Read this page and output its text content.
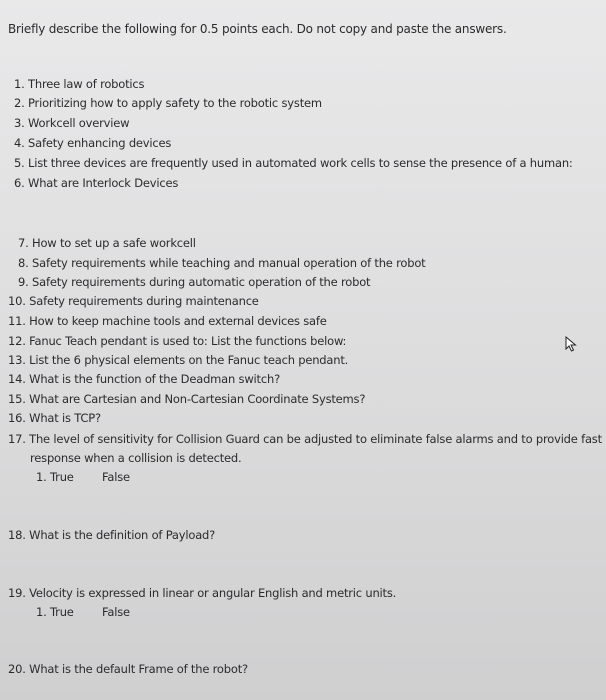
Briefly describe the following for 0.5 points each. Do not copy and paste the answers.
1. Three law of robotics
2. Prioritizing how to apply safety to the robotic system
3. Workcell overview
4. Safety enhancing devices
5. List three devices are frequently used in automated work cells to sense the presence of a human:
6. What are Interlock Devices
7. How to set up a safe workcell
8. Safety requirements while teaching and manual operation of the robot
9. Safety requirements during automatic operation of the robot
10. Safety requirements during maintenance
11. How to keep machine tools and external devices safe
12. Fanuc Teach pendant is used to: List the functions below:
13. List the 6 physical elements on the Fanuc teach pendant.
14. What is the function of the Deadman switch?
15. What are Cartesian and Non-Cartesian Coordinate Systems?
16. What is TCP?
17. The level of sensitivity for Collision Guard can be adjusted to eliminate false alarms and to provide fast
response when a collision is detected.
1. True False
18. What is the definition of Payload?
19. Velocity is expressed in linear or angular English and metric units.
1. True False
20. What is the default Frame of the robot?
